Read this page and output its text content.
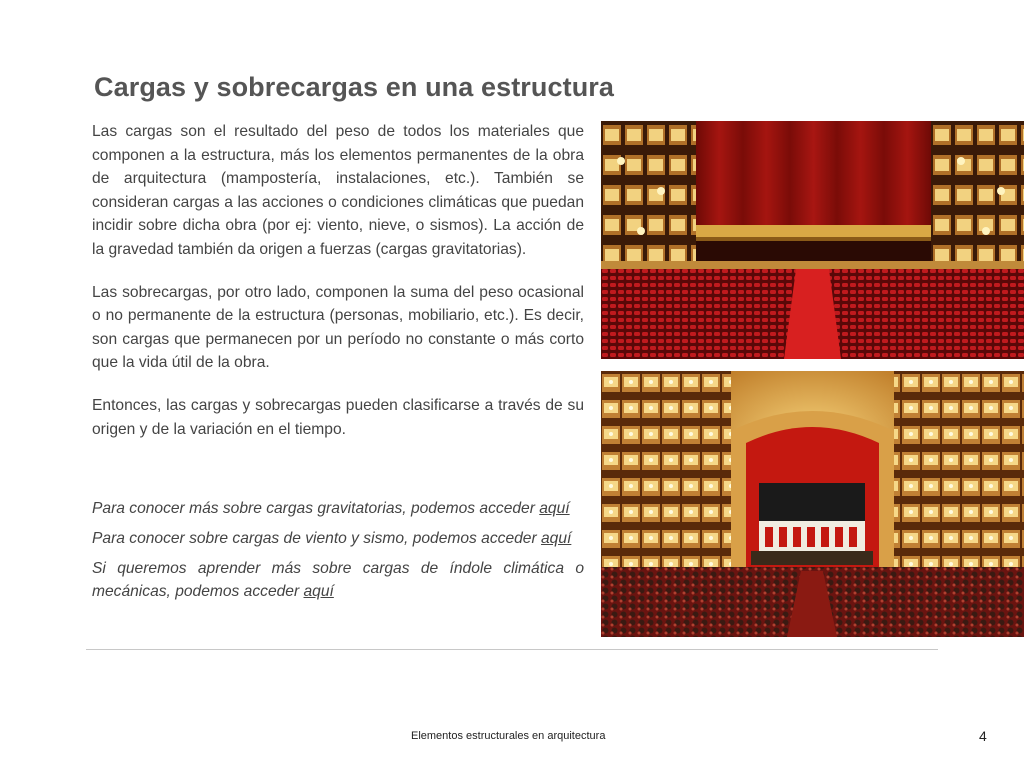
Cargas y sobrecargas en una estructura

Las cargas son el resultado del peso de todos los materiales que componen a la estructura, más los elementos permanentes de la obra de arquitectura (mampostería, instalaciones, etc.). También se consideran cargas a las acciones o condiciones climáticas que puedan incidir sobre dicha obra (por ej: viento, nieve, o sismos). La acción de la gravedad también da origen a fuerzas (cargas gravitatorias).

Las sobrecargas, por otro lado, componen la suma del peso ocasional o no permanente de la estructura (personas, mobiliario, etc.). Es decir, son cargas que permanecen por un período no constante o más corto que la vida útil de la obra.

Entonces, las cargas y sobrecargas pueden clasificarse a través de su origen y de la variación en el tiempo.

Para conocer más sobre cargas gravitatorias, podemos acceder aquí

Para conocer sobre cargas de viento y sismo, podemos acceder aquí

Si queremos aprender más sobre cargas de índole climática o mecánicas, podemos acceder aquí

Elementos estructurales en arquitectura	4
